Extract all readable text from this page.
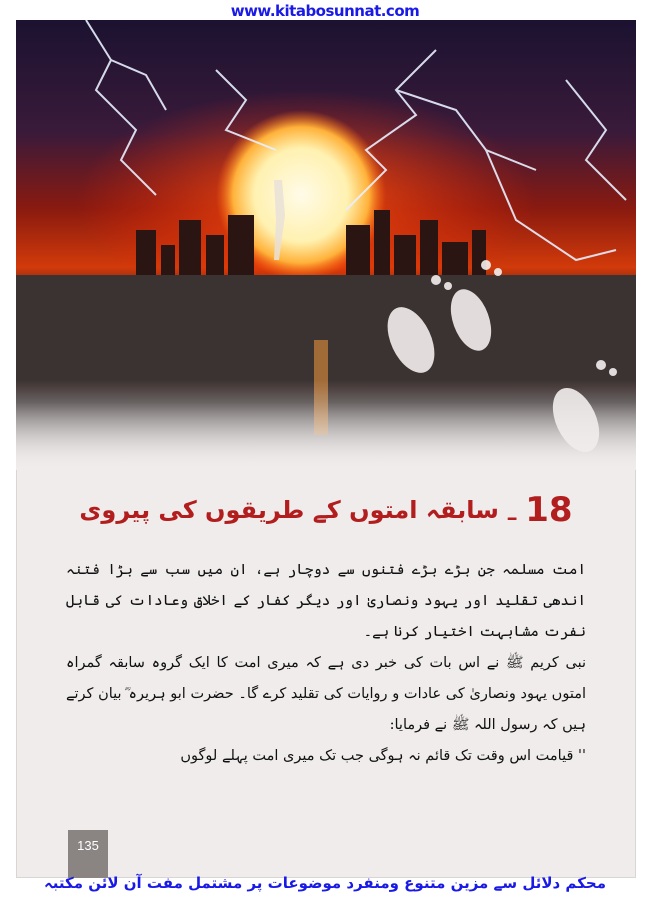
www.kitabosunnat.com
18 ـ سابقہ امتوں کے طریقوں کی پیروی

امت مسلمہ جن بڑے بڑے فتنوں سے دوچار ہے، ان میں سب سے بڑا فتنہ اندھی تقلید اور یہود ونصاریٰ اور دیگر کفار کے اخلاق وعادات کی قابل نفرت مشابہت اختیار کرنا ہے۔

نبی کریم ﷺ نے اس بات کی خبر دی ہے کہ میری امت کا ایک گروہ سابقہ گمراہ امتوں یہود ونصاریٰ کی عادات و روایات کی تقلید کرے گا۔ حضرت ابو ہریرہ ؓ بیان کرتے ہیں کہ رسول اللہ ﷺ نے فرمایا:

'' قیامت اس وقت تک قائم نہ ہوگی جب تک میری امت پہلے لوگوں

135
محکم دلائل سے مزین متنوع ومنفرد موضوعات پر مشتمل مفت آن لائن مکتبہ
